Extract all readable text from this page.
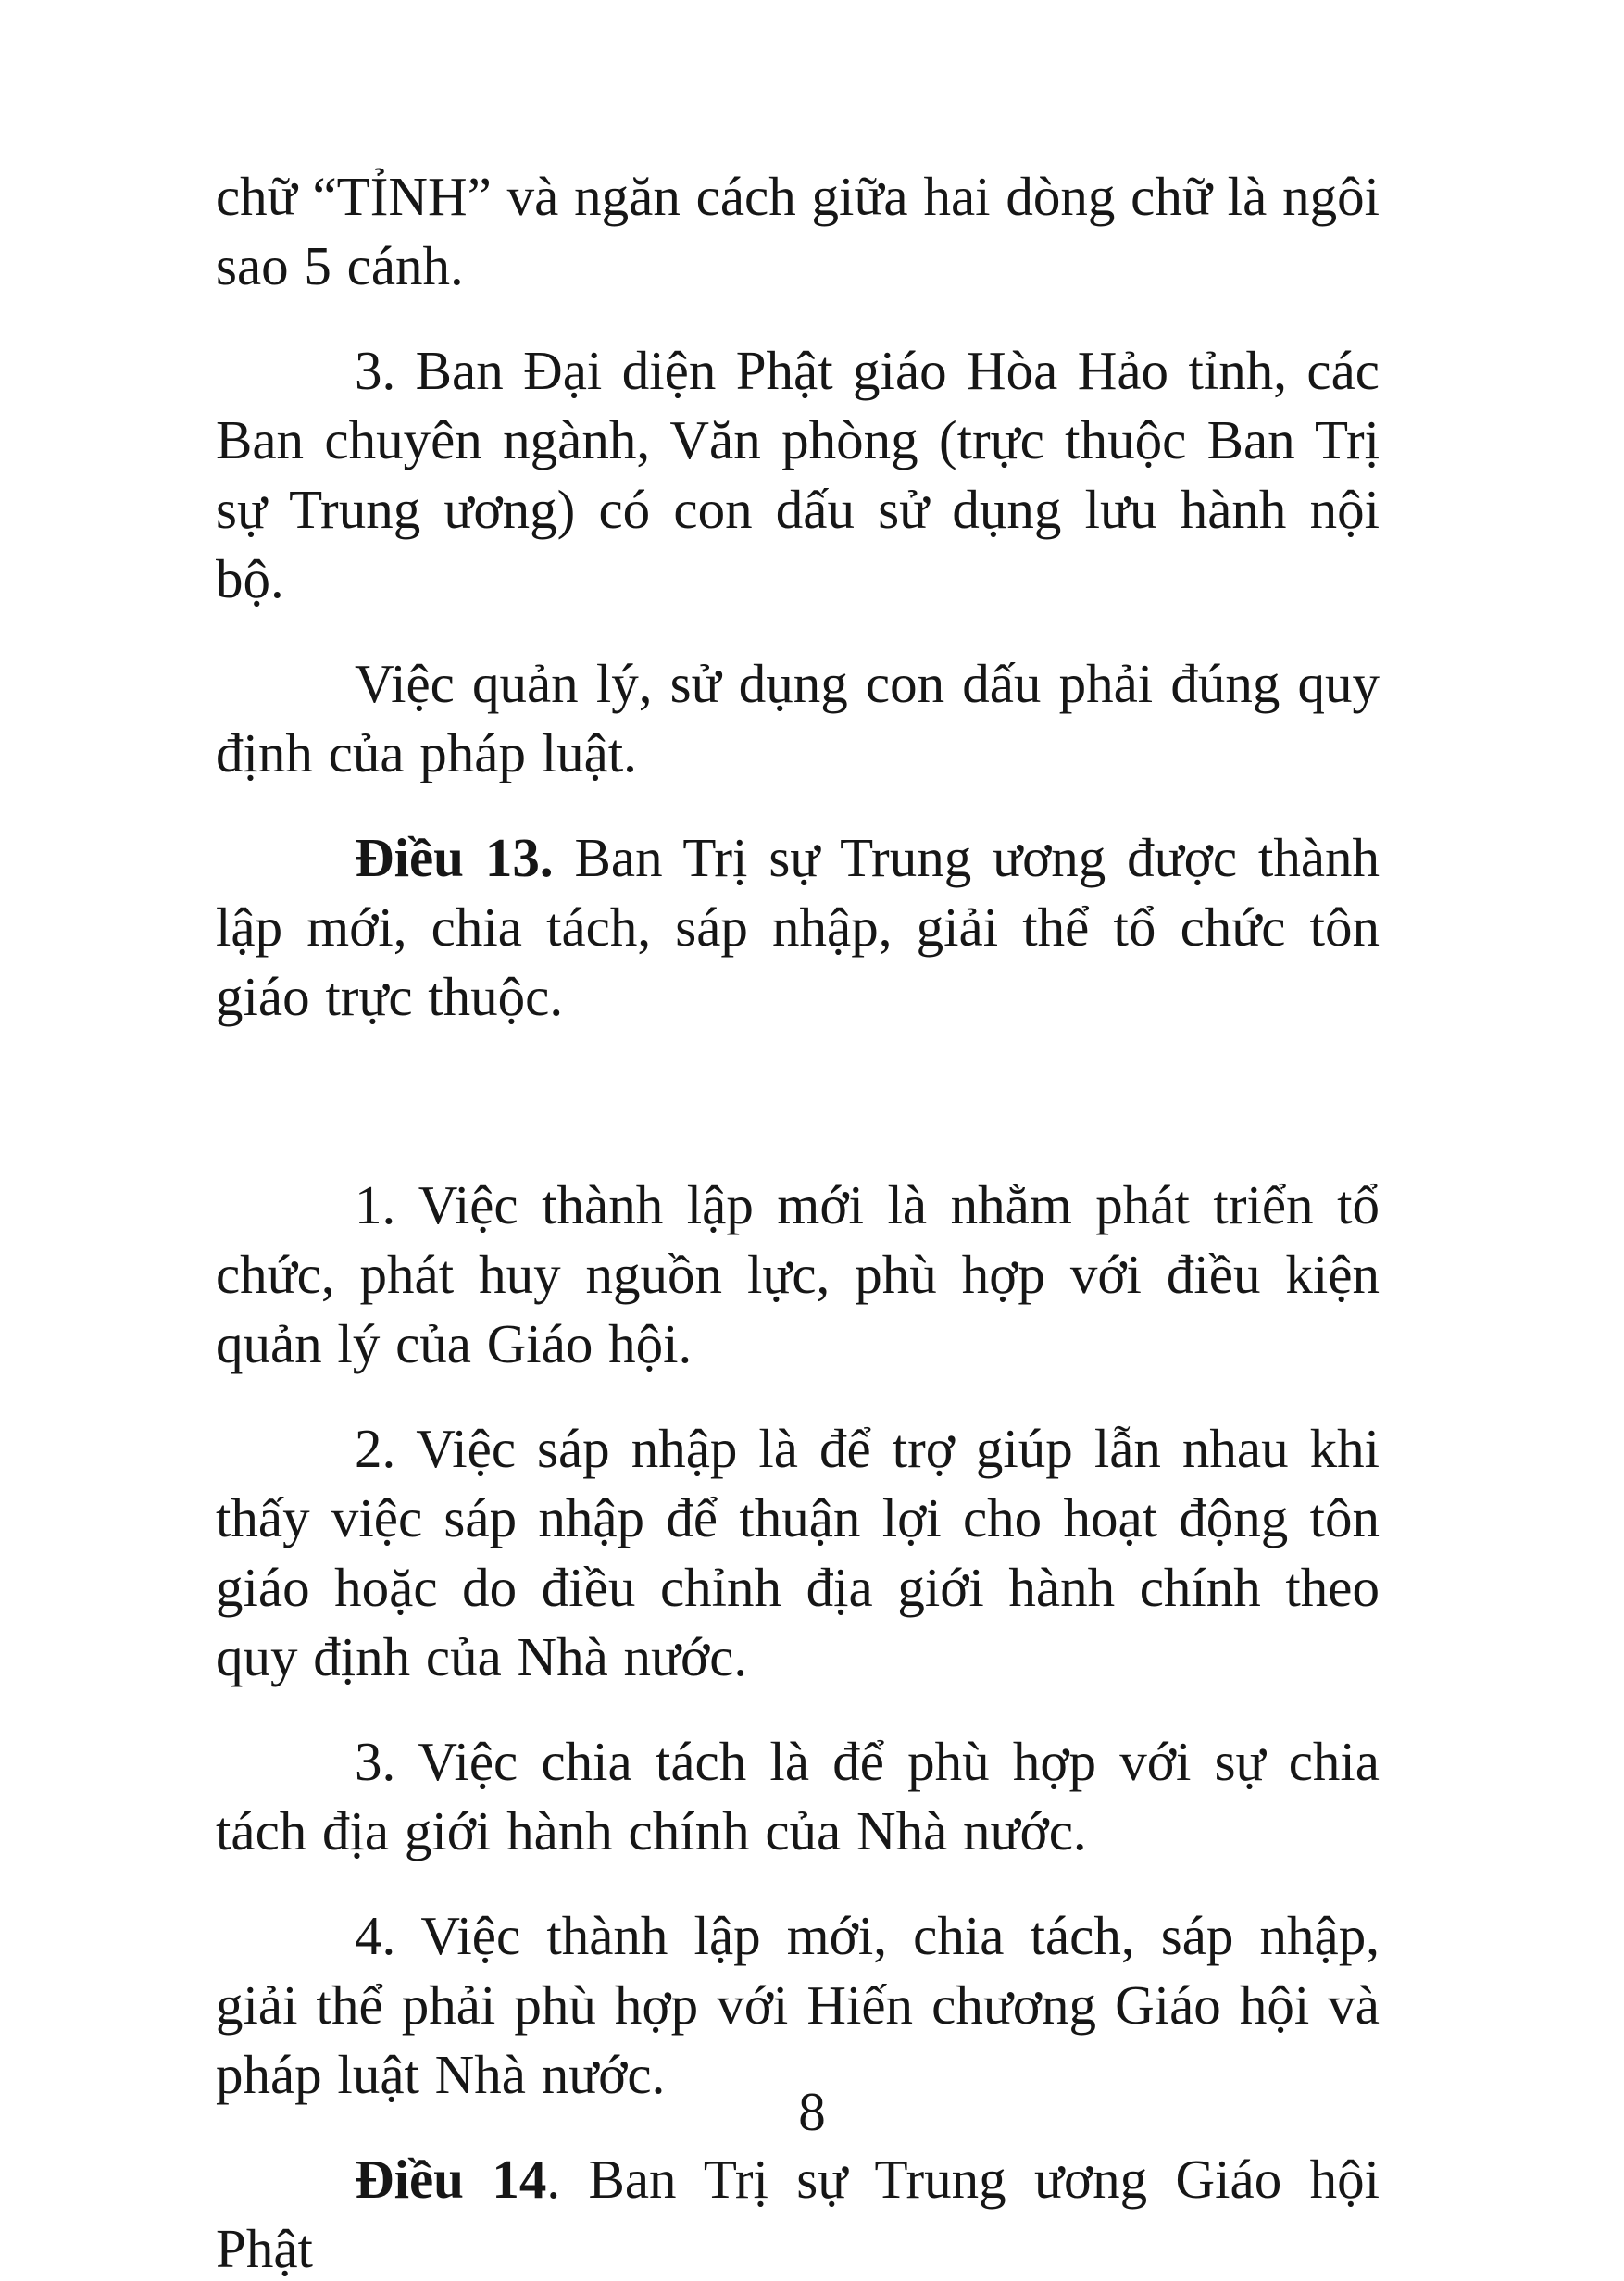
chữ “TỈNH” và ngăn cách giữa hai dòng chữ là ngôi sao 5 cánh.

3. Ban Đại diện Phật giáo Hòa Hảo tỉnh, các Ban chuyên ngành, Văn phòng (trực thuộc Ban Trị sự Trung ương) có con dấu sử dụng lưu hành nội bộ.

Việc quản lý, sử dụng con dấu phải đúng quy định của pháp luật.

Điều 13. Ban Trị sự Trung ương được thành lập mới, chia tách, sáp nhập, giải thể tổ chức tôn giáo trực thuộc.

1. Việc thành lập mới là nhằm phát triển tổ chức, phát huy nguồn lực, phù hợp với điều kiện quản lý của Giáo hội.

2. Việc sáp nhập là để trợ giúp lẫn nhau khi thấy việc sáp nhập để thuận lợi cho hoạt động tôn giáo hoặc do điều chỉnh địa giới hành chính theo quy định của Nhà nước.

3. Việc chia tách là để phù hợp với sự chia tách địa giới hành chính của Nhà nước.

4. Việc thành lập mới, chia tách, sáp nhập, giải thể phải phù hợp với Hiến chương Giáo hội và pháp luật Nhà nước.

Điều 14. Ban Trị sự Trung ương Giáo hội Phật

8
